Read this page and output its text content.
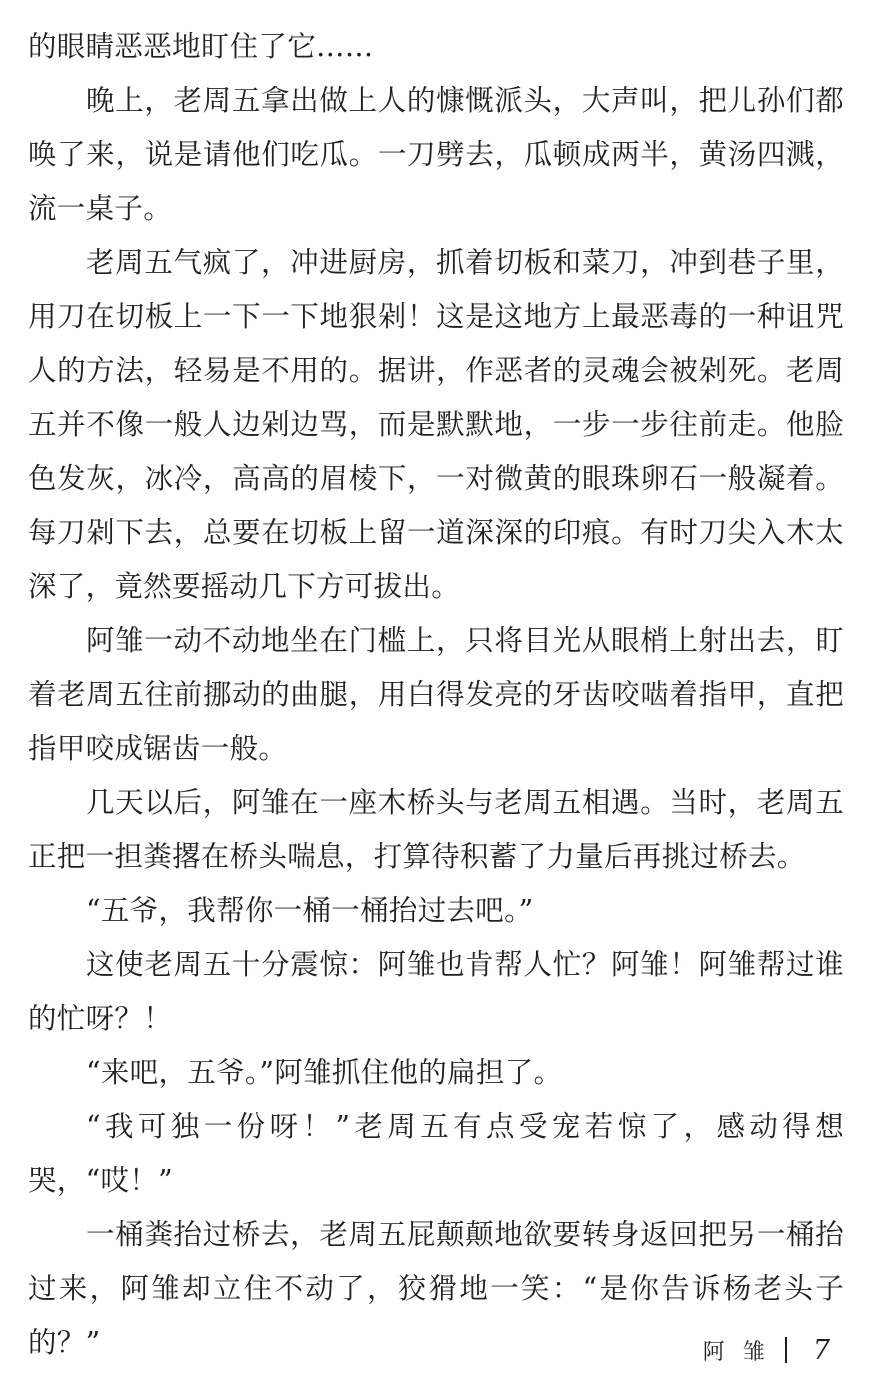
的眼睛恶恶地盯住了它……

晚上，老周五拿出做上人的慷慨派头，大声叫，把儿孙们都唤了来，说是请他们吃瓜。一刀劈去，瓜顿成两半，黄汤四溅，流一桌子。

老周五气疯了，冲进厨房，抓着切板和菜刀，冲到巷子里，用刀在切板上一下一下地狠剁！这是这地方上最恶毒的一种诅咒人的方法，轻易是不用的。据讲，作恶者的灵魂会被剁死。老周五并不像一般人边剁边骂，而是默默地，一步一步往前走。他脸色发灰，冰冷，高高的眉棱下，一对微黄的眼珠卵石一般凝着。每刀剁下去，总要在切板上留一道深深的印痕。有时刀尖入木太深了，竟然要摇动几下方可拔出。

阿雏一动不动地坐在门槛上，只将目光从眼梢上射出去，盯着老周五往前挪动的曲腿，用白得发亮的牙齿咬啮着指甲，直把指甲咬成锯齿一般。

几天以后，阿雏在一座木桥头与老周五相遇。当时，老周五正把一担粪撂在桥头喘息，打算待积蓄了力量后再挑过桥去。

“五爷，我帮你一桶一桶抬过去吧。”

这使老周五十分震惊：阿雏也肯帮人忙？阿雏！阿雏帮过谁的忙呀？！

“来吧，五爷。”阿雏抓住他的扁担了。

“我可独一份呀！”老周五有点受宠若惊了，感动得想哭，“哎！”

一桶粪抬过桥去，老周五屁颠颠地欲要转身返回把另一桶抬过来，阿雏却立住不动了，狡猾地一笑：“是你告诉杨老头子的？”	阿雏 7
